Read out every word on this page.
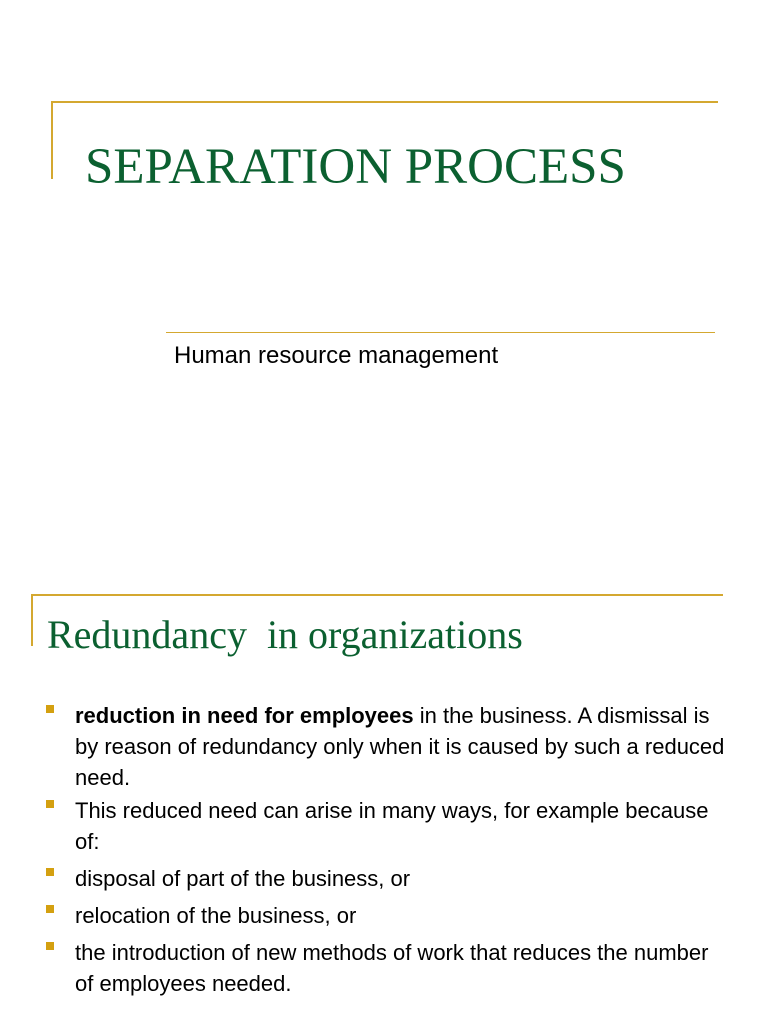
SEPARATION PROCESS

Human resource management

Redundancy  in organizations

reduction in need for employees in the business. A dismissal is by reason of redundancy only when it is caused by such a reduced need.

This reduced need can arise in many ways, for example because of:

disposal of part of the business, or

relocation of the business, or

the introduction of new methods of work that reduces the number of employees needed.
